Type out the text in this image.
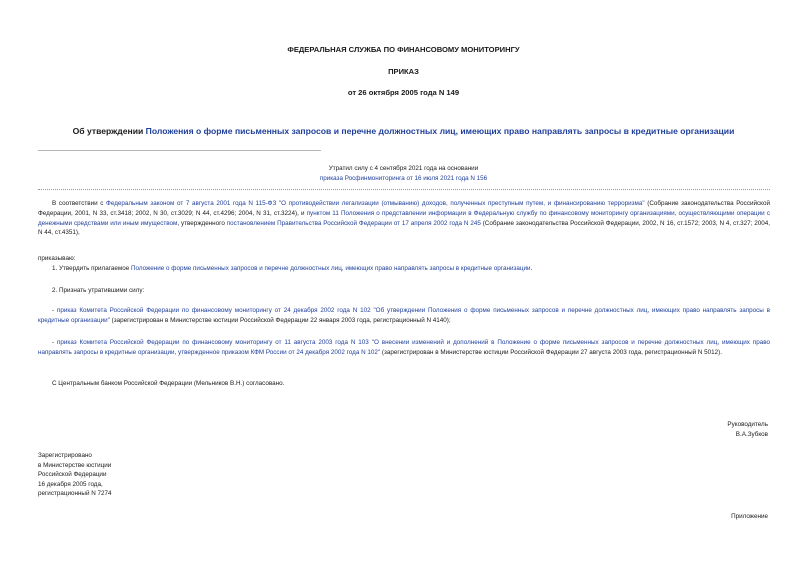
ФЕДЕРАЛЬНАЯ СЛУЖБА ПО ФИНАНСОВОМУ МОНИТОРИНГУ
ПРИКАЗ
от 26 октября 2005 года N 149
Об утверждении Положения о форме письменных запросов и перечне должностных лиц, имеющих право направлять запросы в кредитные организации
Утратил силу с 4 сентября 2021 года на основании
приказа Росфинмониторинга от 16 июля 2021 года N 156
В соответствии с Федеральным законом от 7 августа 2001 года N 115-ФЗ "О противодействии легализации (отмыванию) доходов, полученных преступным путем, и финансированию терроризма" (Собрание законодательства Российской Федерации, 2001, N 33, ст.3418; 2002, N 30, ст.3029; N 44, ст.4296; 2004, N 31, ст.3224), и пунктом 11 Положения о представлении информации в Федеральную службу по финансовому мониторингу организациями, осуществляющими операции с денежными средствами или иным имуществом, утвержденного постановлением Правительства Российской Федерации от 17 апреля 2002 года N 245 (Собрание законодательства Российской Федерации, 2002, N 16, ст.1572; 2003, N 4, ст.327; 2004, N 44, ст.4351),
приказываю:
1. Утвердить прилагаемое Положение о форме письменных запросов и перечне должностных лиц, имеющих право направлять запросы в кредитные организации.
2. Признать утратившими силу:
- приказ Комитета Российской Федерации по финансовому мониторингу от 24 декабря 2002 года N 102 "Об утверждении Положения о форме письменных запросов и перечне должностных лиц, имеющих право направлять запросы в кредитные организации" (зарегистрирован в Министерстве юстиции Российской Федерации 22 января 2003 года, регистрационный N 4140);
- приказ Комитета Российской Федерации по финансовому мониторингу от 11 августа 2003 года N 103 "О внесении изменений и дополнений в Положение о форме письменных запросов и перечне должностных лиц, имеющих право направлять запросы в кредитные организации, утвержденное приказом КФМ России от 24 декабря 2002 года N 102" (зарегистрирован в Министерстве юстиции Российской Федерации 27 августа 2003 года, регистрационный N 5012).
С Центральным банком Российской Федерации (Мельников В.Н.) согласовано.
Руководитель
В.А.Зубков
Зарегистрировано
в Министерстве юстиции
Российской Федерации
16 декабря 2005 года,
регистрационный N 7274
Приложение
